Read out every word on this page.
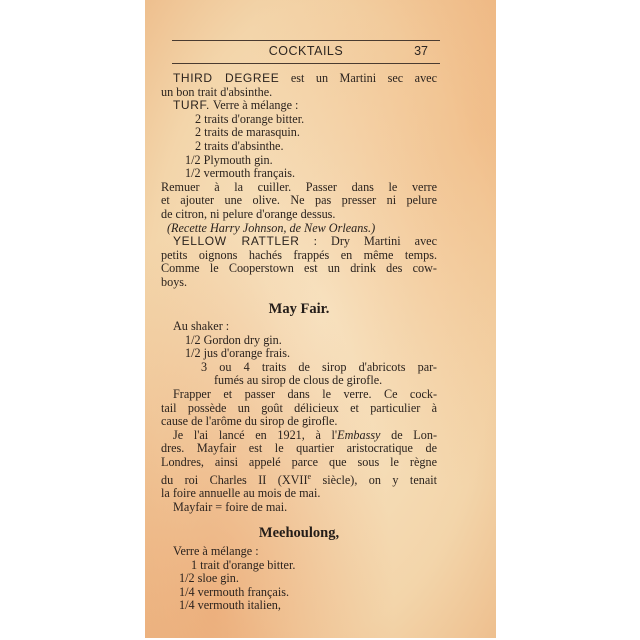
COCKTAILS	37
THIRD DEGREE est un Martini sec avec
un bon trait d'absinthe.
TURF. Verre à mélange :
2 traits d'orange bitter.
2 traits de marasquin.
2 traits d'absinthe.
1/2 Plymouth gin.
1/2 vermouth français.
Remuer à la cuiller. Passer dans le verre
et ajouter une olive. Ne pas presser ni pelure
de citron, ni pelure d'orange dessus.
(Recette Harry Johnson, de New Orleans.)
YELLOW RATTLER : Dry Martini avec
petits oignons hachés frappés en même temps.
Comme le Cooperstown est un drink des cow-
boys.
May Fair.
Au shaker :
1/2 Gordon dry gin.
1/2 jus d'orange frais.
3 ou 4 traits de sirop d'abricots par-
fumés au sirop de clous de girofle.
Frapper et passer dans le verre. Ce cock-
tail possède un goût délicieux et particulier à
cause de l'arôme du sirop de girofle.
Je l'ai lancé en 1921, à l'Embassy de Lon-
dres. Mayfair est le quartier aristocratique de
Londres, ainsi appelé parce que sous le règne
du roi Charles II (XVIIe siècle), on y tenait
la foire annuelle au mois de mai.
Mayfair = foire de mai.
Meehoulong,
Verre à mélange :
1 trait d'orange bitter.
1/2 sloe gin.
1/4 vermouth français.
1/4 vermouth italien,
